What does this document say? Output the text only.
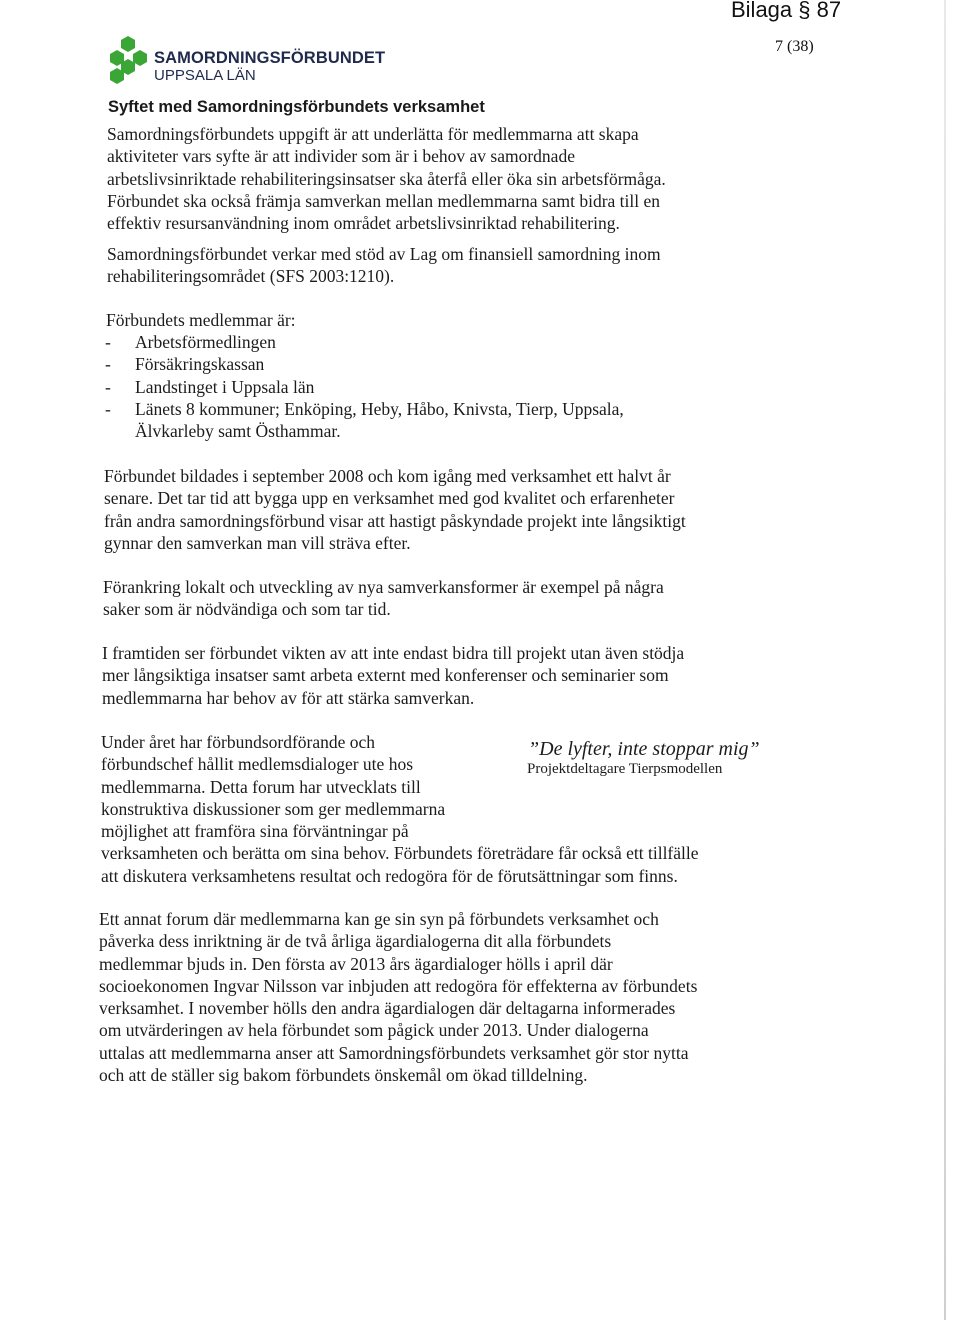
Bilaga § 87
7 (38)
SAMORDNINGSFÖRBUNDET
UPPSALA LÄN
Syftet med Samordningsförbundets verksamhet

Samordningsförbundets uppgift är att underlätta för medlemmarna att skapa
aktiviteter vars syfte är att individer som är i behov av samordnade
arbetslivsinriktade rehabiliteringsinsatser ska återfå eller öka sin arbetsförmåga.
Förbundet ska också främja samverkan mellan medlemmarna samt bidra till en
effektiv resursanvändning inom området arbetslivsinriktad rehabilitering.

Samordningsförbundet verkar med stöd av Lag om finansiell samordning inom
rehabiliteringsområdet (SFS 2003:1210).

Förbundets medlemmar är:

- Arbetsförmedlingen
- Försäkringskassan
- Landstinget i Uppsala län
- Länets 8 kommuner; Enköping, Heby, Håbo, Knivsta, Tierp, Uppsala,
Älvkarleby samt Östhammar.

Förbundet bildades i september 2008 och kom igång med verksamhet ett halvt år
senare. Det tar tid att bygga upp en verksamhet med god kvalitet och erfarenheter
från andra samordningsförbund visar att hastigt påskyndade projekt inte långsiktigt
gynnar den samverkan man vill sträva efter.

Förankring lokalt och utveckling av nya samverkansformer är exempel på några
saker som är nödvändiga och som tar tid.

I framtiden ser förbundet vikten av att inte endast bidra till projekt utan även stödja
mer långsiktiga insatser samt arbeta externt med konferenser och seminarier som
medlemmarna har behov av för att stärka samverkan.

Under året har förbundsordförande och
förbundschef hållit medlemsdialoger ute hos
medlemmarna. Detta forum har utvecklats till
konstruktiva diskussioner som ger medlemmarna
möjlighet att framföra sina förväntningar på
verksamheten och berätta om sina behov. Förbundets företrädare får också ett tillfälle
att diskutera verksamhetens resultat och redogöra för de förutsättningar som finns.

”De lyfter, inte stoppar mig”
Projektdeltagare Tierpsmodellen

Ett annat forum där medlemmarna kan ge sin syn på förbundets verksamhet och
påverka dess inriktning är de två årliga ägardialogerna dit alla förbundets
medlemmar bjuds in. Den första av 2013 års ägardialoger hölls i april där
socioekonomen Ingvar Nilsson var inbjuden att redogöra för effekterna av förbundets
verksamhet. I november hölls den andra ägardialogen där deltagarna informerades
om utvärderingen av hela förbundet som pågick under 2013. Under dialogerna
uttalas att medlemmarna anser att Samordningsförbundets verksamhet gör stor nytta
och att de ställer sig bakom förbundets önskemål om ökad tilldelning.
